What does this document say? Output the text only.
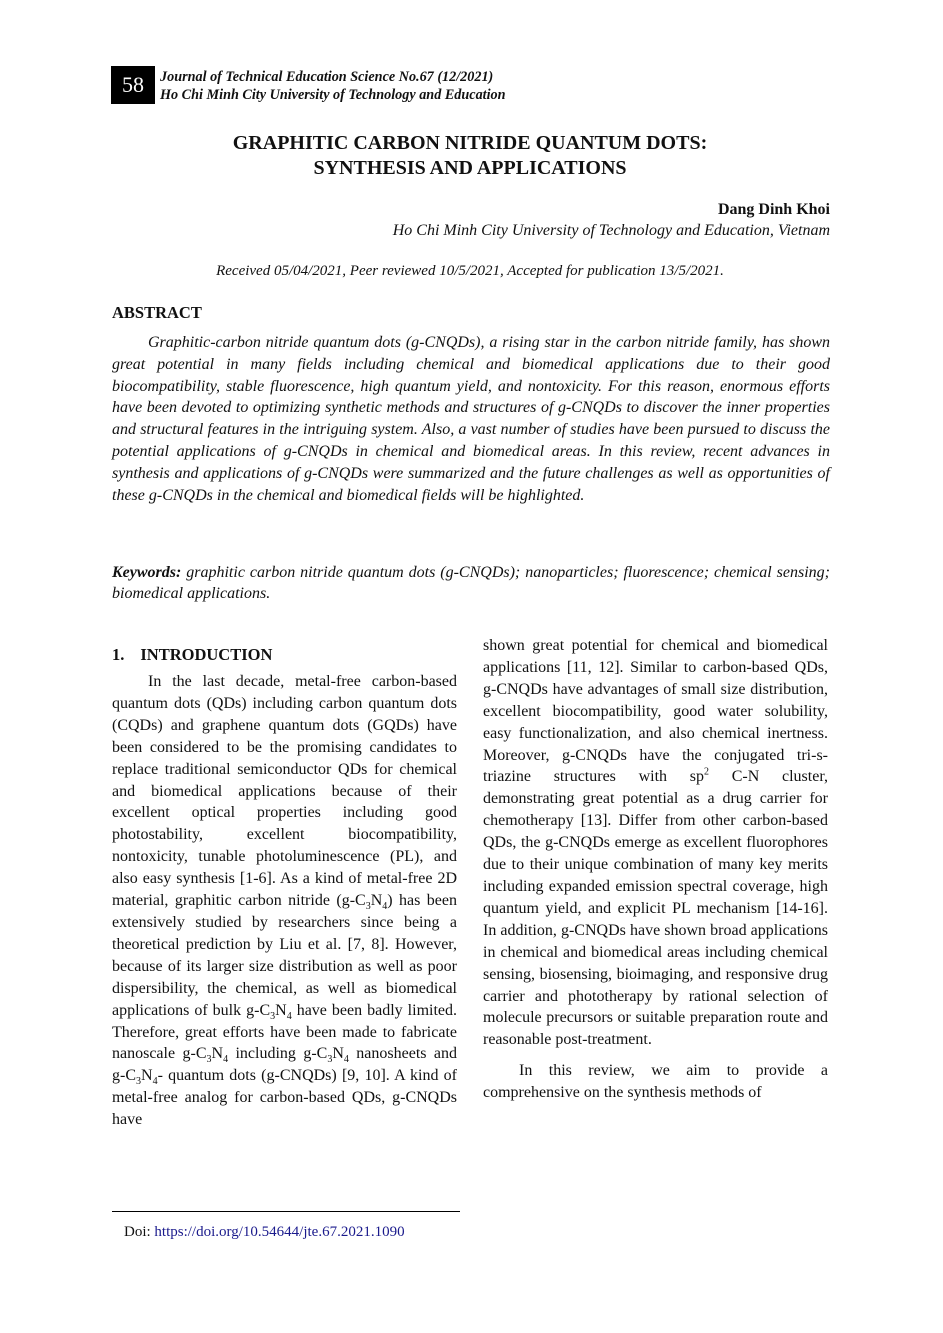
58 Journal of Technical Education Science No.67 (12/2021)
Ho Chi Minh City University of Technology and Education
GRAPHITIC CARBON NITRIDE QUANTUM DOTS:
SYNTHESIS AND APPLICATIONS
Dang Dinh Khoi
Ho Chi Minh City University of Technology and Education, Vietnam
Received 05/04/2021, Peer reviewed 10/5/2021, Accepted for publication 13/5/2021.
ABSTRACT

Graphitic-carbon nitride quantum dots (g-CNQDs), a rising star in the carbon nitride family, has shown great potential in many fields including chemical and biomedical applications due to their good biocompatibility, stable fluorescence, high quantum yield, and nontoxicity. For this reason, enormous efforts have been devoted to optimizing synthetic methods and structures of g-CNQDs to discover the inner properties and structural features in the intriguing system. Also, a vast number of studies have been pursued to discuss the potential applications of g-CNQDs in chemical and biomedical areas. In this review, recent advances in synthesis and applications of g-CNQDs were summarized and the future challenges as well as opportunities of these g-CNQDs in the chemical and biomedical fields will be highlighted.

Keywords: graphitic carbon nitride quantum dots (g-CNQDs); nanoparticles; fluorescence; chemical sensing; biomedical applications.

1. INTRODUCTION

In the last decade, metal-free carbon-based quantum dots (QDs) including carbon quantum dots (CQDs) and graphene quantum dots (GQDs) have been considered to be the promising candidates to replace traditional semiconductor QDs for chemical and biomedical applications because of their excellent optical properties including good photostability, excellent biocompatibility, nontoxicity, tunable photoluminescence (PL), and also easy synthesis [1-6]. As a kind of metal-free 2D material, graphitic carbon nitride $(g-C_3N_4)$ has been extensively studied by researchers since being a theoretical prediction by Liu et al. [7, 8]. However, because of its larger size distribution as well as poor dispersibility, the chemical, as well as biomedical applications of bulk $g-C_3N_4$ have been badly limited. Therefore, great efforts have been made to fabricate nanoscale $g-C_3N_4$ including $g-C_3N_4$ nanosheets and $g-C_3N_4-$ quantum dots (g-CNQDs) [9, 10]. A kind of metal-free analog for carbon-based QDs, g-CNQDs have

shown great potential for chemical and biomedical applications [11, 12]. Similar to carbon-based QDs, g-CNQDs have advantages of small size distribution, excellent biocompatibility, good water solubility, easy functionalization, and also chemical inertness. Moreover, g-CNQDs have the conjugated tri-s-triazine structures with $sp^2$ C-N cluster, demonstrating great potential as a drug carrier for chemotherapy [13]. Differ from other carbon-based QDs, the g-CNQDs emerge as excellent fluorophores due to their unique combination of many key merits including expanded emission spectral coverage, high quantum yield, and explicit PL mechanism [14-16]. In addition, g-CNQDs have shown broad applications in chemical and biomedical areas including chemical sensing, biosensing, bioimaging, and responsive drug carrier and phototherapy by rational selection of molecule precursors or suitable preparation route and reasonable post-treatment.

In this review, we aim to provide a comprehensive on the synthesis methods of

Doi: https://doi.org/10.54644/jte.67.2021.1090
